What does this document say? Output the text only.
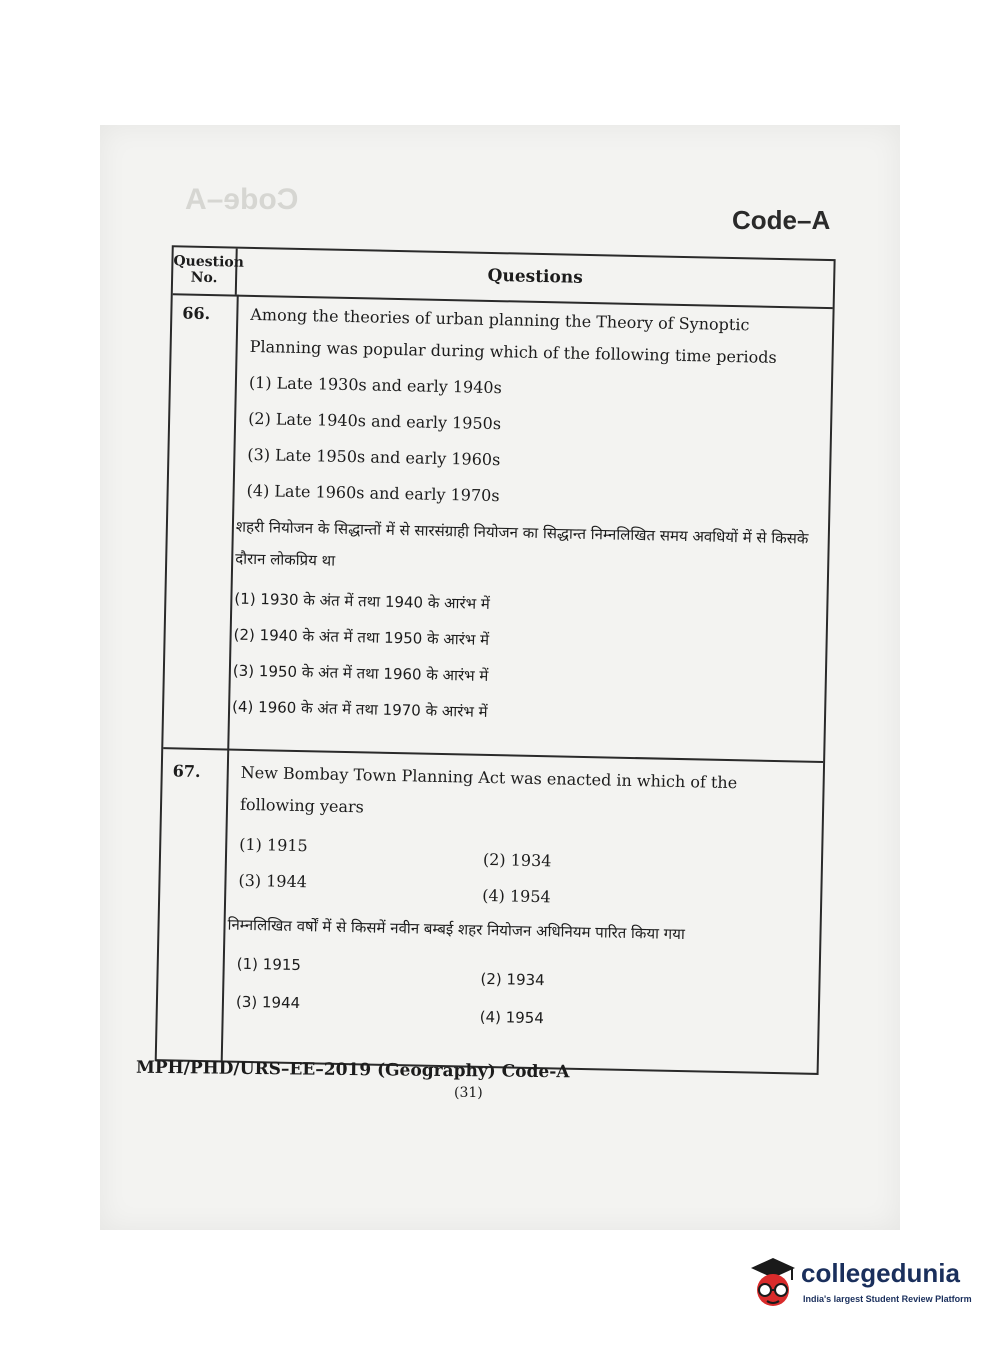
Code–A
Code–A
Question No.	Questions
66. Among the theories of urban planning the Theory of Synoptic Planning was popular during which of the following time periods
(1) Late 1930s and early 1940s
(2) Late 1940s and early 1950s
(3) Late 1950s and early 1960s
(4) Late 1960s and early 1970s
शहरी नियोजन के सिद्धान्तों में से सारसंग्राही नियोजन का सिद्धान्त निम्नलिखित समय अवधियों में से किसके दौरान लोकप्रिय था
(1) 1930 के अंत में तथा 1940 के आरंभ में
(2) 1940 के अंत में तथा 1950 के आरंभ में
(3) 1950 के अंत में तथा 1960 के आरंभ में
(4) 1960 के अंत में तथा 1970 के आरंभ में
67. New Bombay Town Planning Act was enacted in which of the following years
(1) 1915
(2) 1934
(3) 1944
(4) 1954
निम्नलिखित वर्षों में से किसमें नवीन बम्बई शहर नियोजन अधिनियम पारित किया गया
(1) 1915
(2) 1934
(3) 1944
(4) 1954
MPH/PHD/URS–EE–2019 (Geography) Code-A
(31)
collegedunia
India's largest Student Review Platform
